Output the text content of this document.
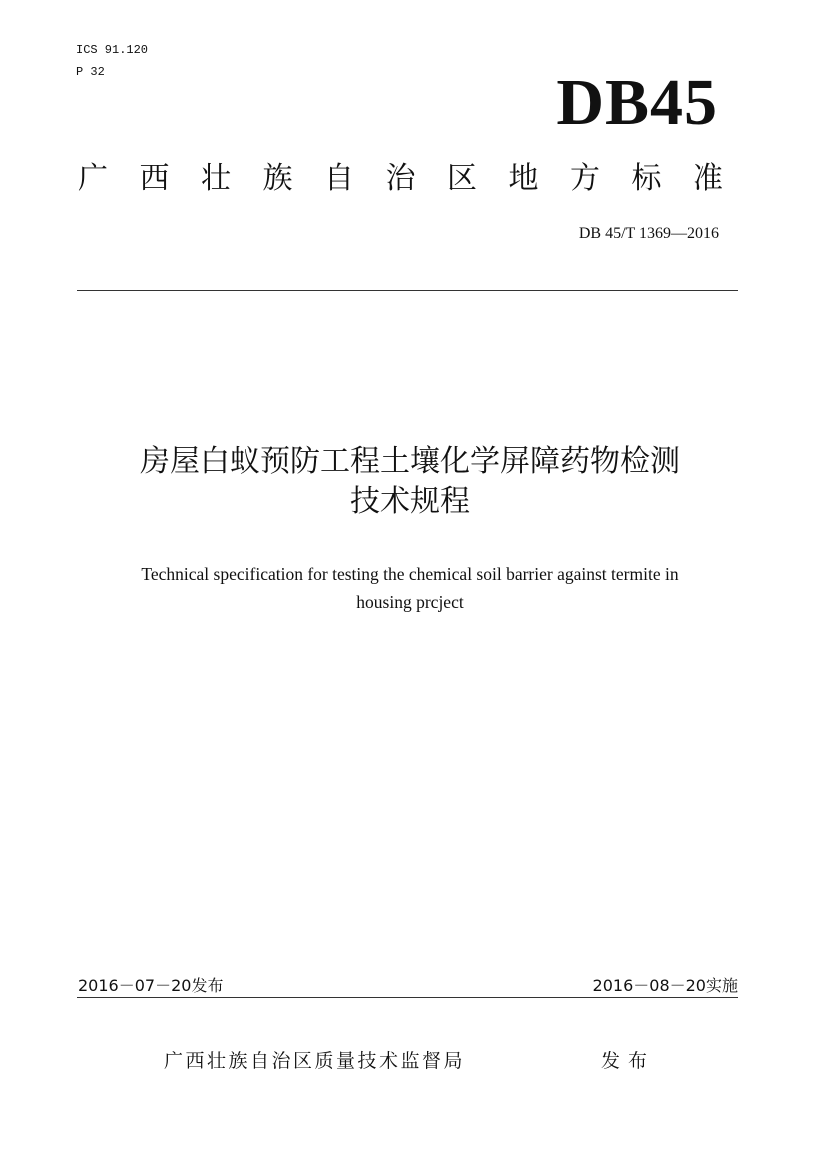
ICS 91.120
P 32	DB45
广 西 壮 族 自 治 区 地 方 标 准
DB 45/T 1369—2016
房屋白蚁预防工程土壤化学屏障药物检测
技术规程
Technical specification for testing the chemical soil barrier against termite in
housing prcject
2016－07－20发布	2016－08－20实施
广西壮族自治区质量技术监督局	发布
